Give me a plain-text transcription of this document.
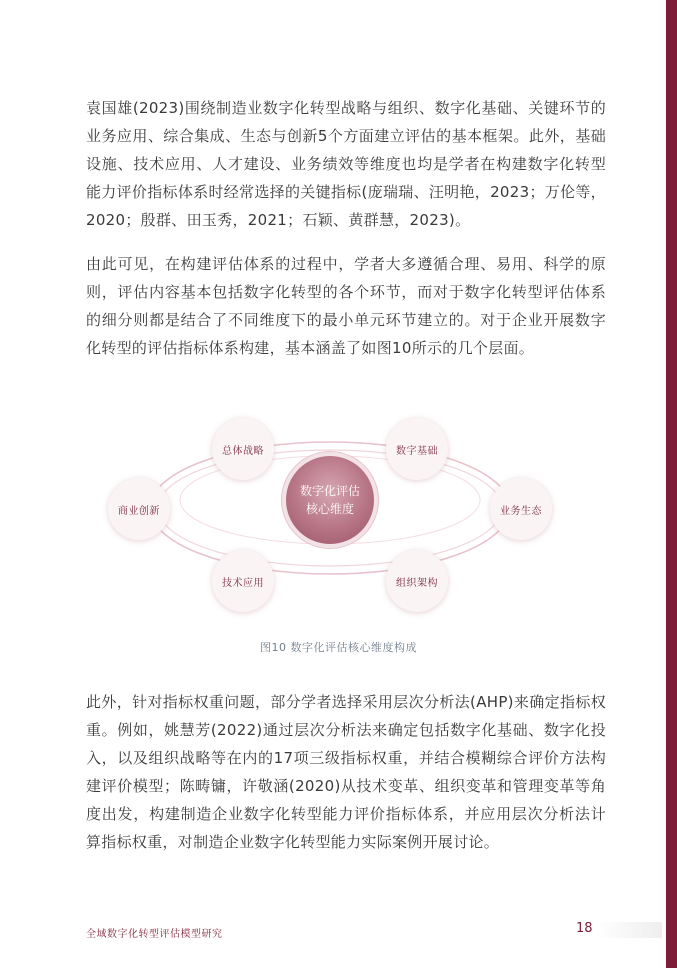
袁国雄(2023)围绕制造业数字化转型战略与组织、数字化基础、关键环节的业务应用、综合集成、生态与创新5个方面建立评估的基本框架。此外，基础设施、技术应用、人才建设、业务绩效等维度也均是学者在构建数字化转型能力评价指标体系时经常选择的关键指标(庞瑞瑞、汪明艳，2023；万伦等，2020；殷群、田玉秀，2021；石颖、黄群慧，2023)。

由此可见，在构建评估体系的过程中，学者大多遵循合理、易用、科学的原则，评估内容基本包括数字化转型的各个环节，而对于数字化转型评估体系的细分则都是结合了不同维度下的最小单元环节建立的。对于企业开展数字化转型的评估指标体系构建，基本涵盖了如图10所示的几个层面。

数字化评估
核心维度
总体战略	数字基础
商业创新	业务生态
技术应用	组织架构
图10 数字化评估核心维度构成

此外，针对指标权重问题，部分学者选择采用层次分析法(AHP)来确定指标权重。例如，姚慧芳(2022)通过层次分析法来确定包括数字化基础、数字化投入，以及组织战略等在内的17项三级指标权重，并结合模糊综合评价方法构建评价模型；陈畴镛，许敬涵(2020)从技术变革、组织变革和管理变革等角度出发，构建制造企业数字化转型能力评价指标体系，并应用层次分析法计算指标权重，对制造企业数字化转型能力实际案例开展讨论。

全域数字化转型评估模型研究	18
